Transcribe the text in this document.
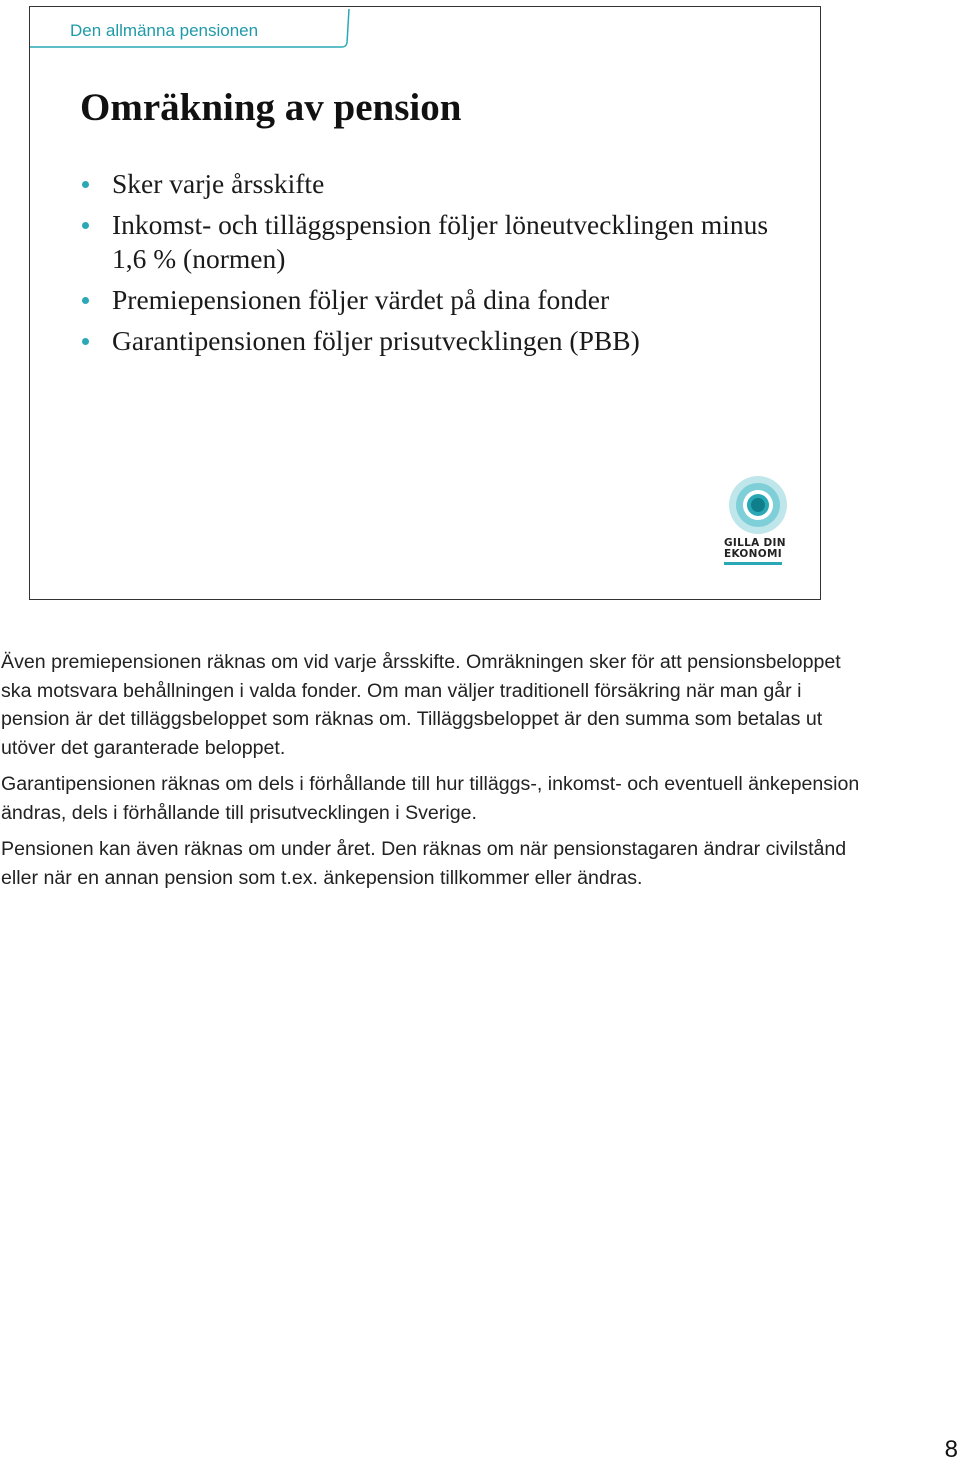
Den allmänna pensionen
Omräkning av pension
Sker varje årsskifte
Inkomst- och tilläggspension följer löneutvecklingen minus 1,6 % (normen)
Premiepensionen följer värdet på dina fonder
Garantipensionen följer prisutvecklingen (PBB)
GILLA DIN
EKONOMI

Även premiepensionen räknas om vid varje årsskifte. Omräkningen sker för att pensionsbeloppet ska motsvara behållningen i valda fonder. Om man väljer traditionell försäkring när man går i pension är det tilläggsbeloppet som räknas om. Tilläggsbeloppet är den summa som betalas ut utöver det garanterade beloppet.

Garantipensionen räknas om dels i förhållande till hur tilläggs-, inkomst- och eventuell änkepension ändras, dels i förhållande till prisutvecklingen i Sverige.

Pensionen kan även räknas om under året. Den räknas om när pensionstagaren ändrar civilstånd eller när en annan pension som t.ex. änkepension tillkommer eller ändras.

8
